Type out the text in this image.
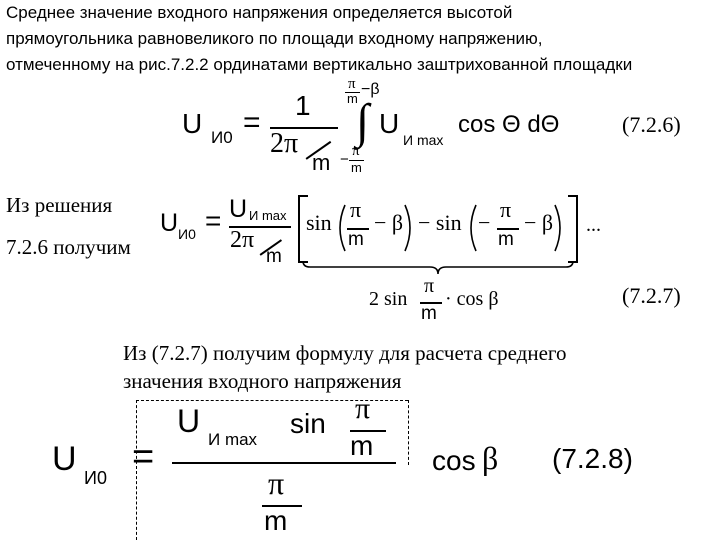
Среднее значение входного напряжения определяется высотой
прямоугольника равновеликого по площади входному напряжению,
отмеченному на рис.7.2.2 ординатами вертикально заштрихованной площадки
U И0 =
1
2π
m
π
m
−β
∫
− π
m
U
И max
cos Θ dΘ	(7.2.6)
Из решения
7.2.6 получим
U И0 = U И max
2π
m
sin
π
m
− β − sin −
π
m
− β ...
2 sin
π
m
· cos β	(7.2.7)
Из (7.2.7) получим формулу для расчета среднего
значения входного напряжения
U И0 =
U
И max
sin π
m
π
m
cos β (7.2.8)
